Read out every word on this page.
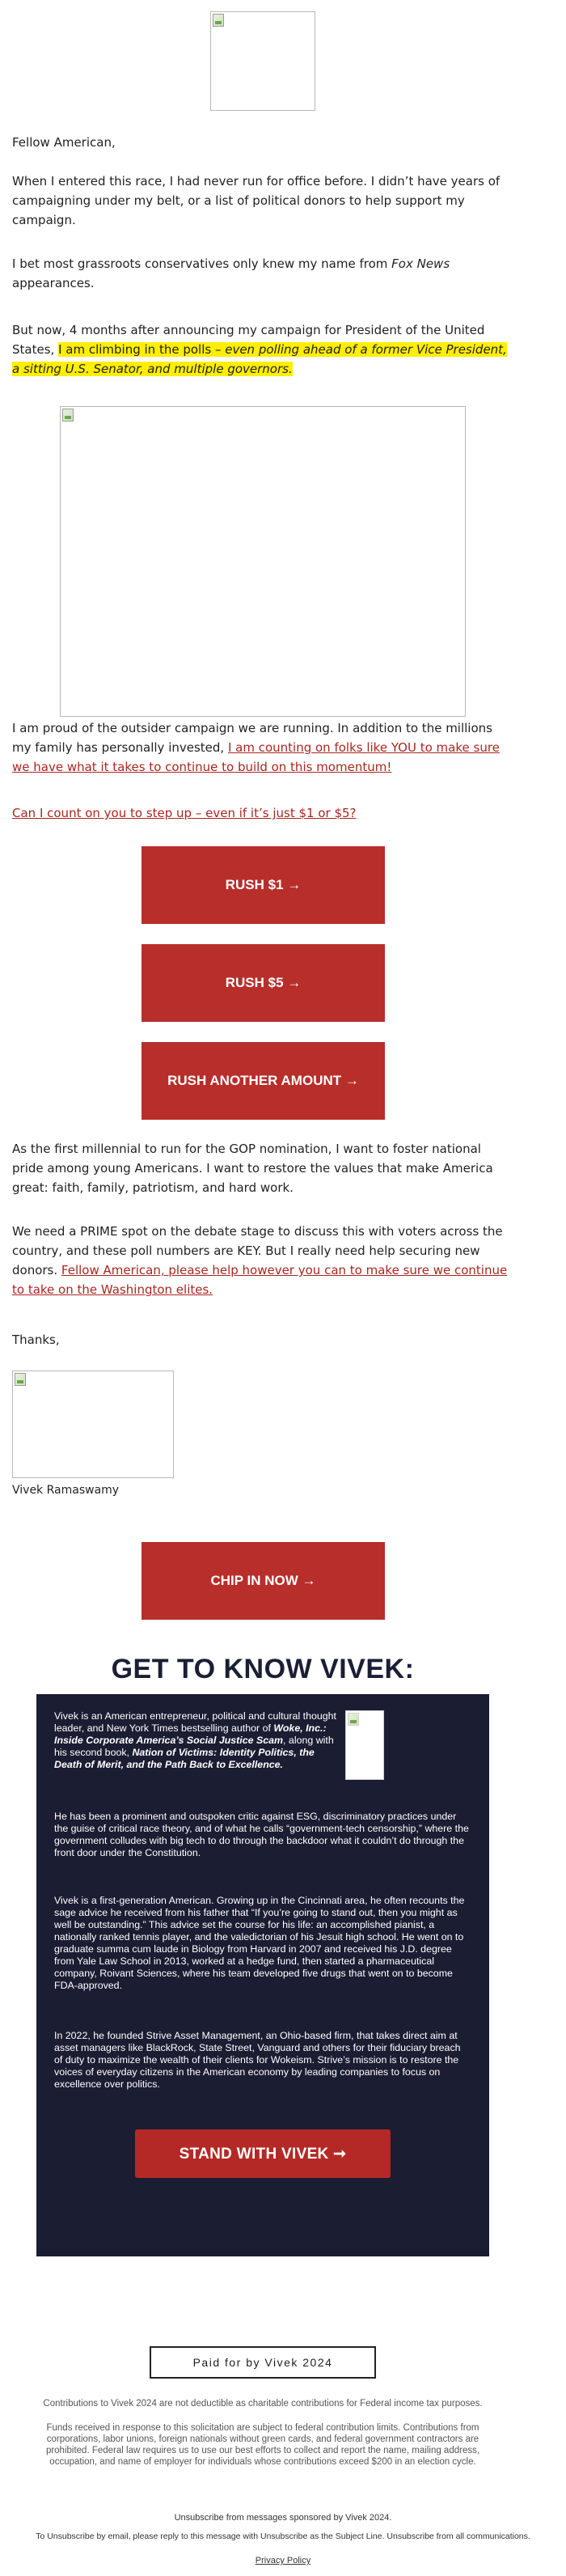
Fellow American,

When I entered this race, I had never run for office before. I didn’t have years of campaigning under my belt, or a list of political donors to help support my campaign.

I bet most grassroots conservatives only knew my name from Fox News appearances.

But now, 4 months after announcing my campaign for President of the United States, I am climbing in the polls – even polling ahead of a former Vice President, a sitting U.S. Senator, and multiple governors.

I am proud of the outsider campaign we are running. In addition to the millions my family has personally invested, I am counting on folks like YOU to make sure we have what it takes to continue to build on this momentum!

Can I count on you to step up – even if it’s just $1 or $5?

RUSH $1 →
RUSH $5 →
RUSH ANOTHER AMOUNT →

As the first millennial to run for the GOP nomination, I want to foster national pride among young Americans. I want to restore the values that make America great: faith, family, patriotism, and hard work.

We need a PRIME spot on the debate stage to discuss this with voters across the country, and these poll numbers are KEY. But I really need help securing new donors. Fellow American, please help however you can to make sure we continue to take on the Washington elites.

Thanks,

Vivek Ramaswamy

CHIP IN NOW →
GET TO KNOW VIVEK:

Vivek is an American entrepreneur, political and cultural thought leader, and New York Times bestselling author of Woke, Inc.: Inside Corporate America’s Social Justice Scam, along with his second book, Nation of Victims: Identity Politics, the Death of Merit, and the Path Back to Excellence.

GET TO KNOW VIVEK

He has been a prominent and outspoken critic against ESG, discriminatory practices under the guise of critical race theory, and of what he calls “government-tech censorship,” where the government colludes with big tech to do through the backdoor what it couldn’t do through the front door under the Constitution.

Vivek is a first-generation American. Growing up in the Cincinnati area, he often recounts the sage advice he received from his father that “If you’re going to stand out, then you might as well be outstanding.” This advice set the course for his life: an accomplished pianist, a nationally ranked tennis player, and the valedictorian of his Jesuit high school. He went on to graduate summa cum laude in Biology from Harvard in 2007 and received his J.D. degree from Yale Law School in 2013, worked at a hedge fund, then started a pharmaceutical company, Roivant Sciences, where his team developed five drugs that went on to become FDA-approved.

In 2022, he founded Strive Asset Management, an Ohio-based firm, that takes direct aim at asset managers like BlackRock, State Street, Vanguard and others for their fiduciary breach of duty to maximize the wealth of their clients for Wokeism. Strive’s mission is to restore the voices of everyday citizens in the American economy by leading companies to focus on excellence over politics.

STAND WITH VIVEK ➞
Paid for by Vivek 2024

Contributions to Vivek 2024 are not deductible as charitable contributions for Federal income tax purposes.

Funds received in response to this solicitation are subject to federal contribution limits. Contributions from corporations, labor unions, foreign nationals without green cards, and federal government contractors are prohibited. Federal law requires us to use our best efforts to collect and report the name, mailing address, occupation, and name of employer for individuals whose contributions exceed $200 in an election cycle.

Unsubscribe from messages sponsored by Vivek 2024.

To Unsubscribe by email, please reply to this message with Unsubscribe as the Subject Line. Unsubscribe from all communications.

Privacy Policy
